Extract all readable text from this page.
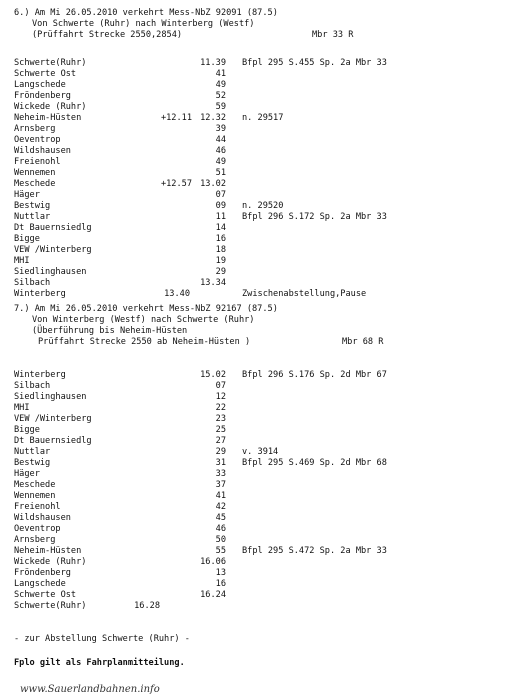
6.) Am Mi 26.05.2010 verkehrt Mess-NbZ 92091 (87.5)
Von Schwerte (Ruhr) nach Winterberg (Westf)
(Prüffahrt Strecke 2550,2854)	Mbr 33 R
Schwerte(Ruhr)	11.39 Bfpl 295 S.455 Sp. 2a Mbr 33
Schwerte Ost	41
Langschede	49
Fröndenberg	52
Wickede (Ruhr)	59
Neheim-Hüsten	+12.11 12.32 n. 29517
Arnsberg	39
Oeventrop	44
Wildshausen	46
Freienohl	49
Wennemen	51
Meschede	+12.57 13.02
Häger	07
Bestwig	09 n. 29520
Nuttlar	11 Bfpl 296 S.172 Sp. 2a Mbr 33
Dt Bauernsiedlg	14
Bigge	16
VEW /Winterberg	18
MHI	19
Siedlinghausen	29
Silbach	13.34
Winterberg	13.40	Zwischenabstellung,Pause
7.) Am Mi 26.05.2010 verkehrt Mess-NbZ 92167 (87.5)
Von Winterberg (Westf) nach Schwerte (Ruhr)
(Überführung bis Neheim-Hüsten
Prüffahrt Strecke 2550 ab Neheim-Hüsten )	Mbr 68 R
Winterberg	15.02 Bfpl 296 S.176 Sp. 2d Mbr 67
Silbach	07
Siedlinghausen	12
MHI	22
VEW /Winterberg	23
Bigge	25
Dt Bauernsiedlg	27
Nuttlar	29 v. 3914
Bestwig	31 Bfpl 295 S.469 Sp. 2d Mbr 68
Häger	33
Meschede	37
Wennemen	41
Freienohl	42
Wildshausen	45
Oeventrop	46
Arnsberg	50
Neheim-Hüsten	55 Bfpl 295 S.472 Sp. 2a Mbr 33
Wickede (Ruhr)	16.06
Fröndenberg	13
Langschede	16
Schwerte Ost	16.24
Schwerte(Ruhr)	16.28
- zur Abstellung Schwerte (Ruhr) -
Fplo gilt als Fahrplanmitteilung.
www.Sauerlandbahnen.info
